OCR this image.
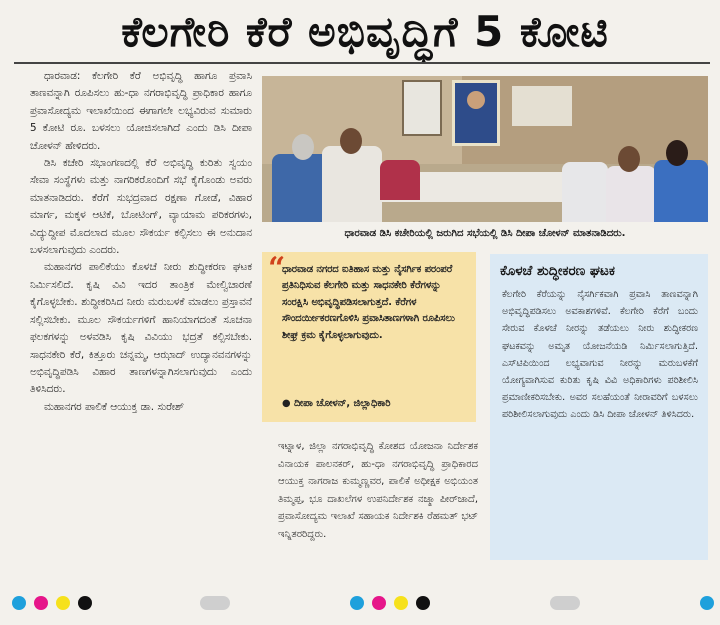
ಕೆಲಗೇರಿ ಕೆರೆ ಅಭಿವೃದ್ಧಿಗೆ 5 ಕೋಟಿ

ಧಾರವಾಡ: ಕೆಲಗೇರಿ ಕೆರೆ ಅಭಿವೃದ್ಧಿ ಹಾಗೂ ಪ್ರವಾಸಿ ತಾಣವನ್ನಾಗಿ ರೂಪಿಸಲು ಹು-ಧಾ ನಗರಾಭಿವೃದ್ಧಿ ಪ್ರಾಧಿಕಾರ ಹಾಗೂ ಪ್ರವಾಸೋದ್ಯಮ ಇಲಾಖೆಯಿಂದ ಈಗಾಗಲೇ ಲಭ್ಯವಿರುವ ಸುಮಾರು 5 ಕೋಟಿ ರೂ. ಬಳಸಲು ಯೋಜಿಸಲಾಗಿದೆ ಎಂದು ಡಿಸಿ ದೀಪಾ ಚೋಳನ್ ಹೇಳಿದರು.

ಡಿಸಿ ಕಚೇರಿ ಸಭಾಂಗಣದಲ್ಲಿ ಕೆರೆ ಅಭಿವೃದ್ಧಿ ಕುರಿತು ಸ್ವಯಂ ಸೇವಾ ಸಂಸ್ಥೆಗಳು ಮತ್ತು ನಾಗರಿಕರೊಂದಿಗೆ ಸಭೆ ಕೈಗೊಂಡು ಅವರು ಮಾತನಾಡಿದರು. ಕೆರೆಗೆ ಸುಭದ್ರವಾದ ರಕ್ಷಣಾ ಗೋಡೆ, ವಿಹಾರ ಮಾರ್ಗ, ಮಕ್ಕಳ ಆಟಿಕೆ, ಬೋಟಿಂಗ್, ವ್ಯಾಯಾಮ ಪರಿಕರಗಳು, ವಿದ್ಯುದ್ದೀಪ ಮೊದಲಾದ ಮೂಲ ಸೌಕರ್ಯ ಕಲ್ಪಿಸಲು ಈ ಅನುದಾನ ಬಳಸಲಾಗುವುದು ಎಂದರು.

ಮಹಾನಗರ ಪಾಲಿಕೆಯು ಕೊಳಚೆ ನೀರು ಶುದ್ಧೀಕರಣ ಘಟಕ ನಿರ್ಮಿಸಲಿದೆ. ಕೃಷಿ ವಿವಿ ಇದರ ತಾಂತ್ರಿಕ ಮೇಲ್ವಿಚಾರಣೆ ಕೈಗೊಳ್ಳಬೇಕು. ಶುದ್ಧೀಕರಿಸಿದ ನೀರು ಮರುಬಳಕೆ ಮಾಡಲು ಪ್ರಸ್ತಾವನೆ ಸಲ್ಲಿಸಬೇಕು. ಮೂಲ ಸೌಕರ್ಯಗಳಿಗೆ ಹಾನಿಯಾಗದಂತೆ ಸೂಚನಾ ಫಲಕಗಳನ್ನು ಅಳವಡಿಸಿ ಕೃಷಿ ವಿವಿಯು ಭದ್ರತೆ ಕಲ್ಪಿಸಬೇಕು. ಸಾಧನಕೇರಿ ಕೆರೆ, ಕಿತ್ತೂರು ಚನ್ನಮ್ಮ, ಆಝಾದ್ ಉದ್ಯಾನವನಗಳನ್ನು ಅಭಿವೃದ್ಧಿಪಡಿಸಿ ವಿಹಾರ ತಾಣಗಳನ್ನಾಗಿಸಲಾಗುವುದು ಎಂದು ತಿಳಿಸಿದರು.

ಮಹಾನಗರ ಪಾಲಿಕೆ ಆಯುಕ್ತ ಡಾ. ಸುರೇಶ್

ಧಾರವಾಡ ಡಿಸಿ ಕಚೇರಿಯಲ್ಲಿ ಜರುಗಿದ ಸಭೆಯಲ್ಲಿ ಡಿಸಿ ದೀಪಾ ಚೋಳನ್ ಮಾತನಾಡಿದರು.
“
ಧಾರವಾಡ ನಗರದ ಐತಿಹಾಸ ಮತ್ತು ನೈಸರ್ಗಿಕ ಪರಂಪರೆ ಪ್ರತಿನಿಧಿಸುವ ಕೆಲಗೇರಿ ಮತ್ತು ಸಾಧನಕೇರಿ ಕೆರೆಗಳನ್ನು ಸಂರಕ್ಷಿಸಿ ಅಭಿವೃದ್ಧಿಪಡಿಸಲಾಗುತ್ತದೆ. ಕೆರೆಗಳ ಸೌಂದರ್ಯೀಕರಣಗೊಳಿಸಿ ಪ್ರವಾಸಿತಾಣಗಳಾಗಿ ರೂಪಿಸಲು ಶೀಘ್ರ ಕ್ರಮ ಕೈಗೊಳ್ಳಲಾಗುವುದು.
● ದೀಪಾ ಚೋಳನ್, ಜಿಲ್ಲಾಧಿಕಾರಿ
ಇಟ್ನಾಳ, ಜಿಲ್ಲಾ ನಗರಾಭಿವೃದ್ಧಿ ಕೋಶದ ಯೋಜನಾ ನಿರ್ದೇಶಕ ವಿನಾಯಕ ಪಾಲನಕರ್, ಹು-ಧಾ ನಗರಾಭಿವೃದ್ಧಿ ಪ್ರಾಧಿಕಾರದ ಆಯುಕ್ತ ನಾಗರಾಜ ಕುಮ್ಮಣ್ಣವರ, ಪಾಲಿಕೆ ಅಧೀಕ್ಷಕ ಅಭಿಯಂತ ತಿಮ್ಮಪ್ಪ, ಭೂ ದಾಖಲೆಗಳ ಉಪನಿರ್ದೇಶಕ ನಜ್ಮಾ ಪೀರ್‌ಜಾದೆ, ಪ್ರವಾಸೋದ್ಯಮ ಇಲಾಖೆ ಸಹಾಯಕ ನಿರ್ದೇಶಕಿ ರೆಹಮತ್ ಭಟ್ ಇನ್ನಿತರರಿದ್ದರು.
ಕೊಳಚೆ ಶುದ್ಧೀಕರಣ ಘಟಕ
ಕೆಲಗೇರಿ ಕೆರೆಯನ್ನು ನೈಸರ್ಗಿಕವಾಗಿ ಪ್ರವಾಸಿ ತಾಣವನ್ನಾಗಿ ಅಭಿವೃದ್ಧಿಪಡಿಸಲು ಅವಕಾಶಗಳಿವೆ. ಕೆಲಗೇರಿ ಕೆರೆಗೆ ಬಂದು ಸೇರುವ ಕೊಳಚೆ ನೀರನ್ನು ತಡೆಯಲು ನೀರು ಶುದ್ಧೀಕರಣ ಘಟಕವನ್ನು ಅಮೃತ ಯೋಜನೆಯಡಿ ನಿರ್ಮಿಸಲಾಗುತ್ತಿದೆ. ಎಸ್‌ಟಿಪಿಯಿಂದ ಲಭ್ಯವಾಗುವ ನೀರನ್ನು ಮರುಬಳಕೆಗೆ ಯೋಗ್ಯವಾಗಿಸುವ ಕುರಿತು ಕೃಷಿ ವಿವಿ ಅಧಿಕಾರಿಗಳು ಪರಿಶೀಲಿಸಿ ಪ್ರಮಾಣೀಕರಿಸಬೇಕು. ಅವರ ಸಲಹೆಯಂತೆ ನೀರಾವರಿಗೆ ಬಳಸಲು ಪರಿಶೀಲಿಸಲಾಗುವುದು ಎಂದು ಡಿಸಿ ದೀಪಾ ಚೋಳನ್ ತಿಳಿಸಿದರು.
